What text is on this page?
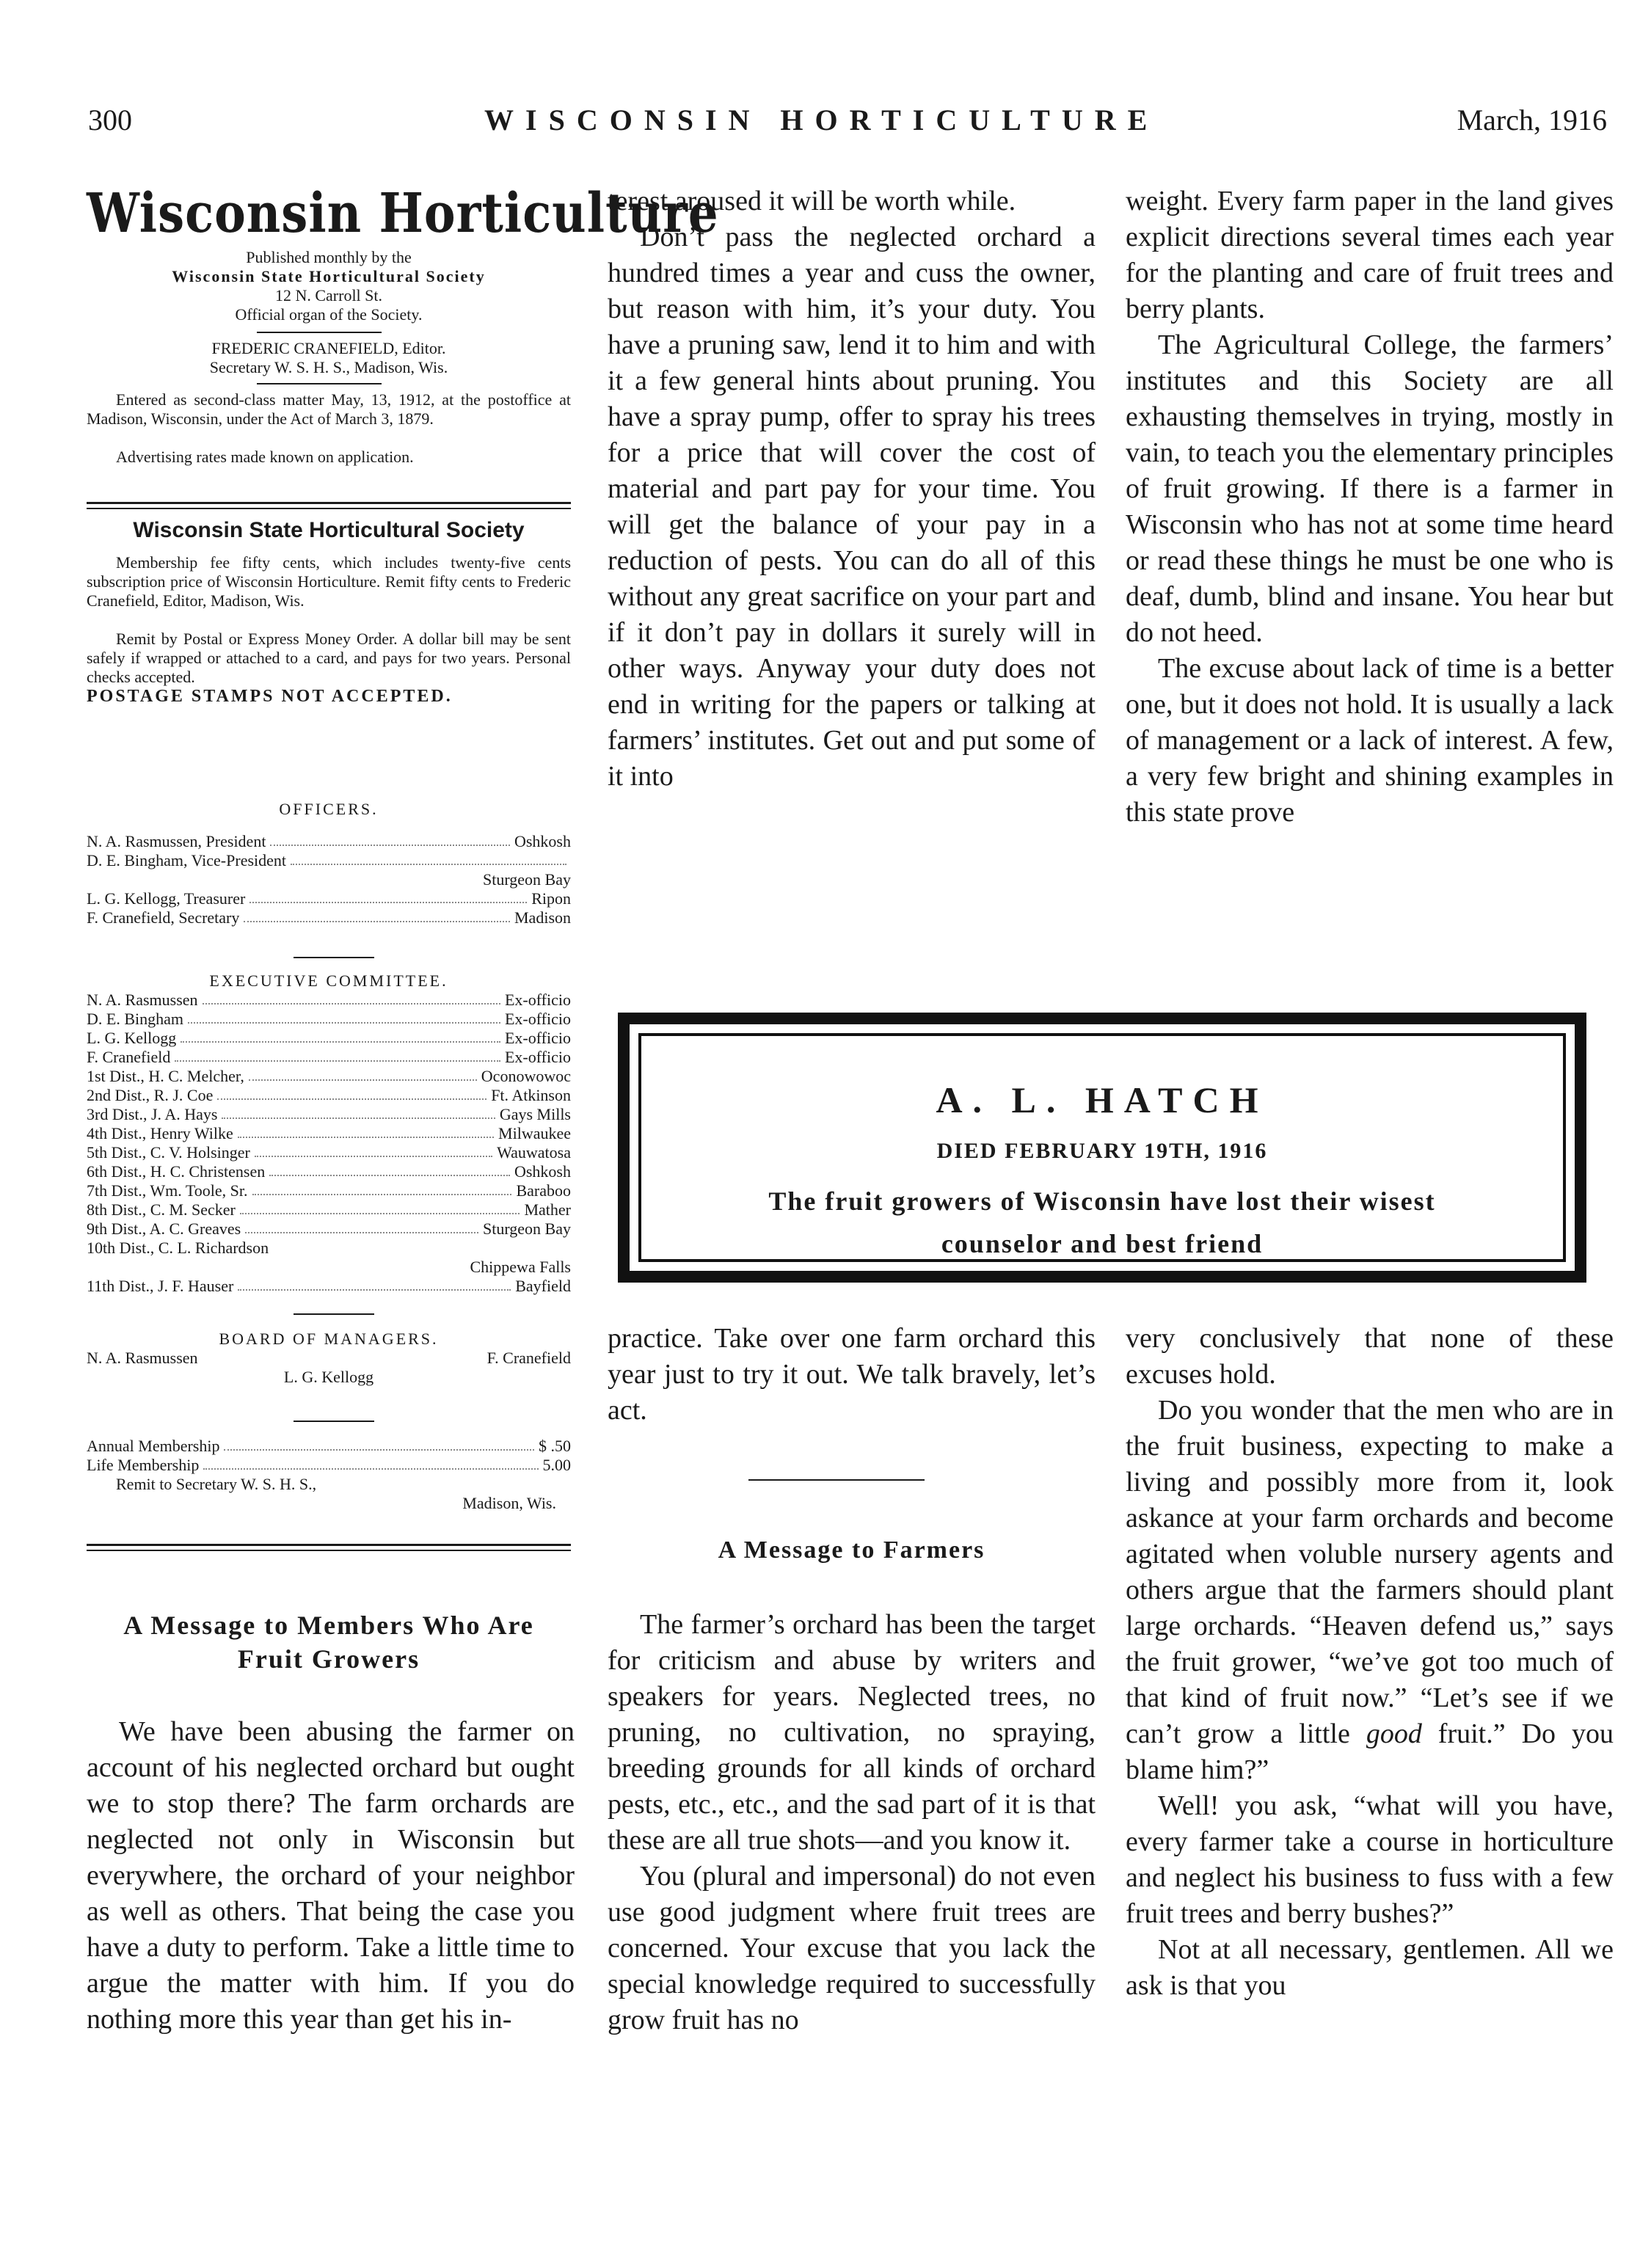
300	WISCONSIN HORTICULTURE	March, 1916
Wisconsin Horticulture
Published monthly by the
Wisconsin State Horticultural Society
12 N. Carroll St.
Official organ of the Society.
FREDERIC CRANEFIELD, Editor.
Secretary W. S. H. S., Madison, Wis.
Entered as second-class matter May, 13, 1912, at the postoffice at Madison, Wisconsin, under the Act of March 3, 1879.
Advertising rates made known on application.
Wisconsin State Horticultural Society
Membership fee fifty cents, which includes twenty-five cents subscription price of Wisconsin Horticulture. Remit fifty cents to Frederic Cranefield, Editor, Madison, Wis.
Remit by Postal or Express Money Order. A dollar bill may be sent safely if wrapped or attached to a card, and pays for two years. Personal checks accepted.
POSTAGE STAMPS NOT ACCEPTED.
OFFICERS.
N. A. Rasmussen, President	Oshkosh
D. E. Bingham, Vice-President
Sturgeon Bay
L. G. Kellogg, Treasurer	Ripon
F. Cranefield, Secretary	Madison
EXECUTIVE COMMITTEE.
N. A. Rasmussen	Ex-officio
D. E. Bingham	Ex-officio
L. G. Kellogg	Ex-officio
F. Cranefield	Ex-officio
1st Dist., H. C. Melcher,	Oconowowoc
2nd Dist., R. J. Coe	Ft. Atkinson
3rd Dist., J. A. Hays	Gays Mills
4th Dist., Henry Wilke	Milwaukee
5th Dist., C. V. Holsinger	Wauwatosa
6th Dist., H. C. Christensen	Oshkosh
7th Dist., Wm. Toole, Sr.	Baraboo
8th Dist., C. M. Secker	Mather
9th Dist., A. C. Greaves	Sturgeon Bay
10th Dist., C. L. Richardson
Chippewa Falls
11th Dist., J. F. Hauser	Bayfield
BOARD OF MANAGERS.
N. A. Rasmussen	F. Cranefield
L. G. Kellogg
Annual Membership	$ .50
Life Membership	5.00
Remit to Secretary W. S. H. S.,
Madison, Wis.
A Message to Members Who Are Fruit Growers

We have been abusing the farmer on account of his neglected orchard but ought we to stop there? The farm orchards are neglected not only in Wisconsin but everywhere, the orchard of your neighbor as well as others. That being the case you have a duty to perform. Take a little time to argue the matter with him. If you do nothing more this year than get his in-

terest aroused it will be worth while.

Don’t pass the neglected orchard a hundred times a year and cuss the owner, but reason with him, it’s your duty. You have a pruning saw, lend it to him and with it a few general hints about pruning. You have a spray pump, offer to spray his trees for a price that will cover the cost of material and part pay for your time. You will get the balance of your pay in a reduction of pests. You can do all of this without any great sacrifice on your part and if it don’t pay in dollars it surely will in other ways. Anyway your duty does not end in writing for the papers or talking at farmers’ institutes. Get out and put some of it into

weight. Every farm paper in the land gives explicit directions several times each year for the planting and care of fruit trees and berry plants.

The Agricultural College, the farmers’ institutes and this Society are all exhausting themselves in trying, mostly in vain, to teach you the elementary principles of fruit growing. If there is a farmer in Wisconsin who has not at some time heard or read these things he must be one who is deaf, dumb, blind and insane. You hear but do not heed.

The excuse about lack of time is a better one, but it does not hold. It is usually a lack of management or a lack of interest. A few, a very few bright and shining examples in this state prove

A. L. HATCH
DIED FEBRUARY 19TH, 1916
The fruit growers of Wisconsin have lost their wisest
counselor and best friend

practice. Take over one farm orchard this year just to try it out. We talk bravely, let’s act.

A Message to Farmers

The farmer’s orchard has been the target for criticism and abuse by writers and speakers for years. Neglected trees, no pruning, no cultivation, no spraying, breeding grounds for all kinds of orchard pests, etc., etc., and the sad part of it is that these are all true shots—and you know it.

You (plural and impersonal) do not even use good judgment where fruit trees are concerned. Your excuse that you lack the special knowledge required to successfully grow fruit has no

very conclusively that none of these excuses hold.

Do you wonder that the men who are in the fruit business, expecting to make a living and possibly more from it, look askance at your farm orchards and become agitated when voluble nursery agents and others argue that the farmers should plant large orchards. “Heaven defend us,” says the fruit grower, “we’ve got too much of that kind of fruit now.” “Let’s see if we can’t grow a little good fruit.” Do you blame him?”

Well! you ask, “what will you have, every farmer take a course in horticulture and neglect his business to fuss with a few fruit trees and berry bushes?”

Not at all necessary, gentlemen. All we ask is that you
